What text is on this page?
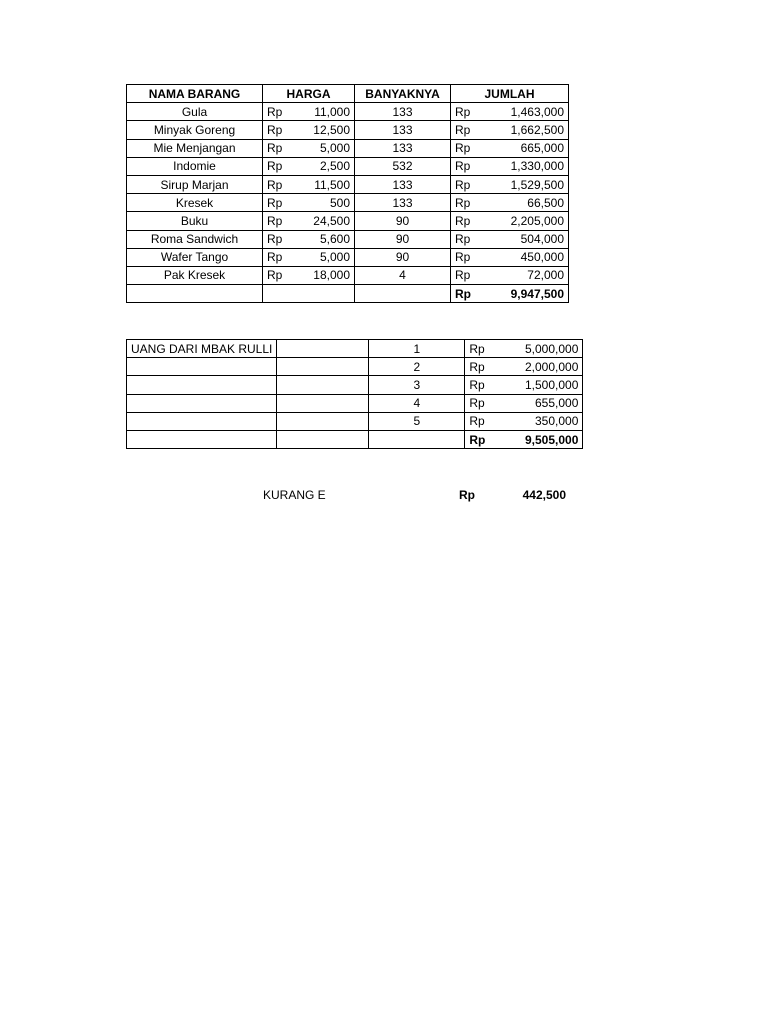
NAMA BARANG	HARGA	BANYAKNYA	JUMLAH
Gula	Rp 11,000	133	Rp 1,463,000

Minyak Goreng	Rp 12,500	133	Rp 1,662,500

Mie Menjangan	Rp 5,000	133	Rp 665,000

Indomie	Rp 2,500	532	Rp 1,330,000

Sirup Marjan	Rp 11,500	133	Rp 1,529,500

Kresek	Rp 500	133	Rp 66,500

Buku	Rp 24,500	90	Rp 2,205,000

Roma Sandwich	Rp 5,600	90	Rp 504,000

Wafer Tango	Rp 5,000	90	Rp 450,000

Pak Kresek	Rp 18,000	4	Rp 72,000

			Rp 9,947,500
UANG DARI MBAK RULLI		1	Rp 5,000,000

		2	Rp 2,000,000

		3	Rp 1,500,000

		4	Rp 655,000

		5	Rp 350,000

			Rp 9,505,000
KURANG E	Rp	442,500
